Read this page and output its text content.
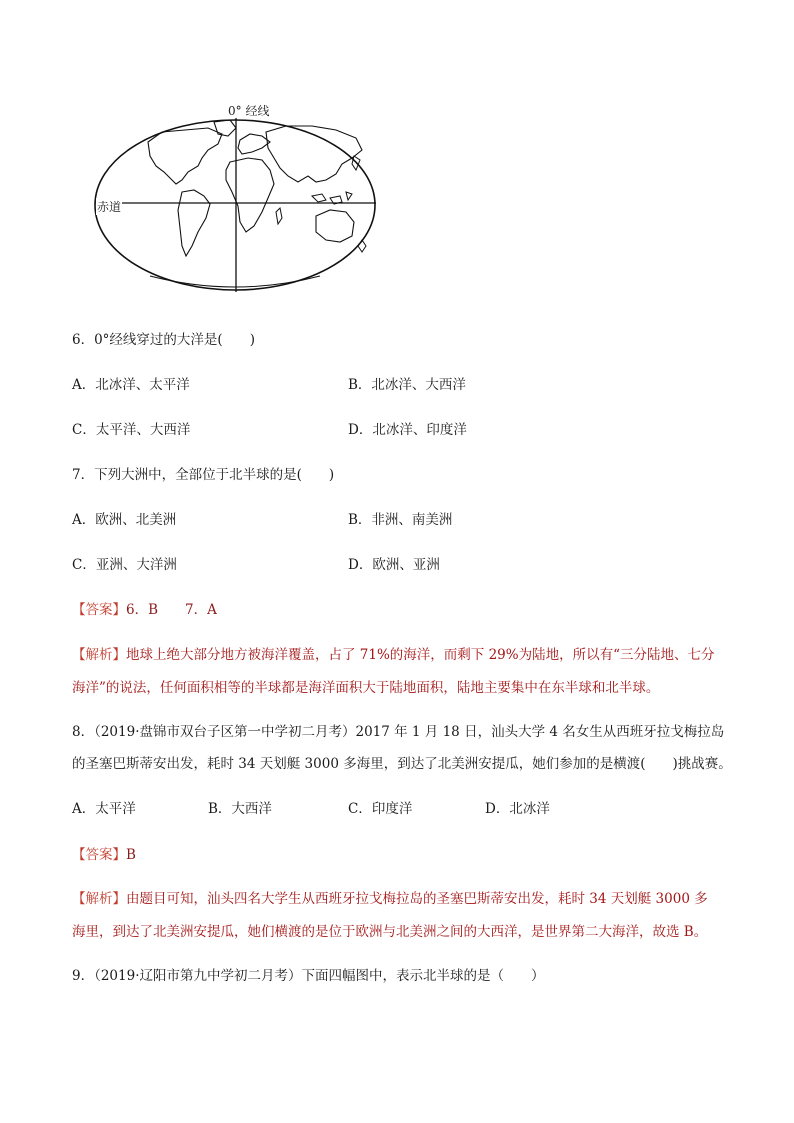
0° 经线
赤道
6．0°经线穿过的大洋是(　　)
A．北冰洋、太平洋	B．北冰洋、大西洋
C．太平洋、大西洋	D．北冰洋、印度洋
7．下列大洲中，全部位于北半球的是(　　)
A．欧洲、北美洲	B．非洲、南美洲
C．亚洲、大洋洲	D．欧洲、亚洲
【答案】6．B　　7．A
【解析】地球上绝大部分地方被海洋覆盖，占了 71%的海洋，而剩下 29%为陆地，所以有“三分陆地、七分
海洋”的说法，任何面积相等的半球都是海洋面积大于陆地面积，陆地主要集中在东半球和北半球。
8．（2019·盘锦市双台子区第一中学初二月考）2017 年 1 月 18 日，汕头大学 4 名女生从西班牙拉戈梅拉岛
的圣塞巴斯蒂安出发，耗时 34 天划艇 3000 多海里，到达了北美洲安提瓜，她们参加的是横渡(　　)挑战赛。
A．太平洋	B．大西洋	C．印度洋	D．北冰洋
【答案】B
【解析】由题目可知，汕头四名大学生从西班牙拉戈梅拉岛的圣塞巴斯蒂安出发，耗时 34 天划艇 3000 多
海里，到达了北美洲安提瓜，她们横渡的是位于欧洲与北美洲之间的大西洋，是世界第二大海洋，故选 B。
9．（2019·辽阳市第九中学初二月考）下面四幅图中，表示北半球的是（　　）
